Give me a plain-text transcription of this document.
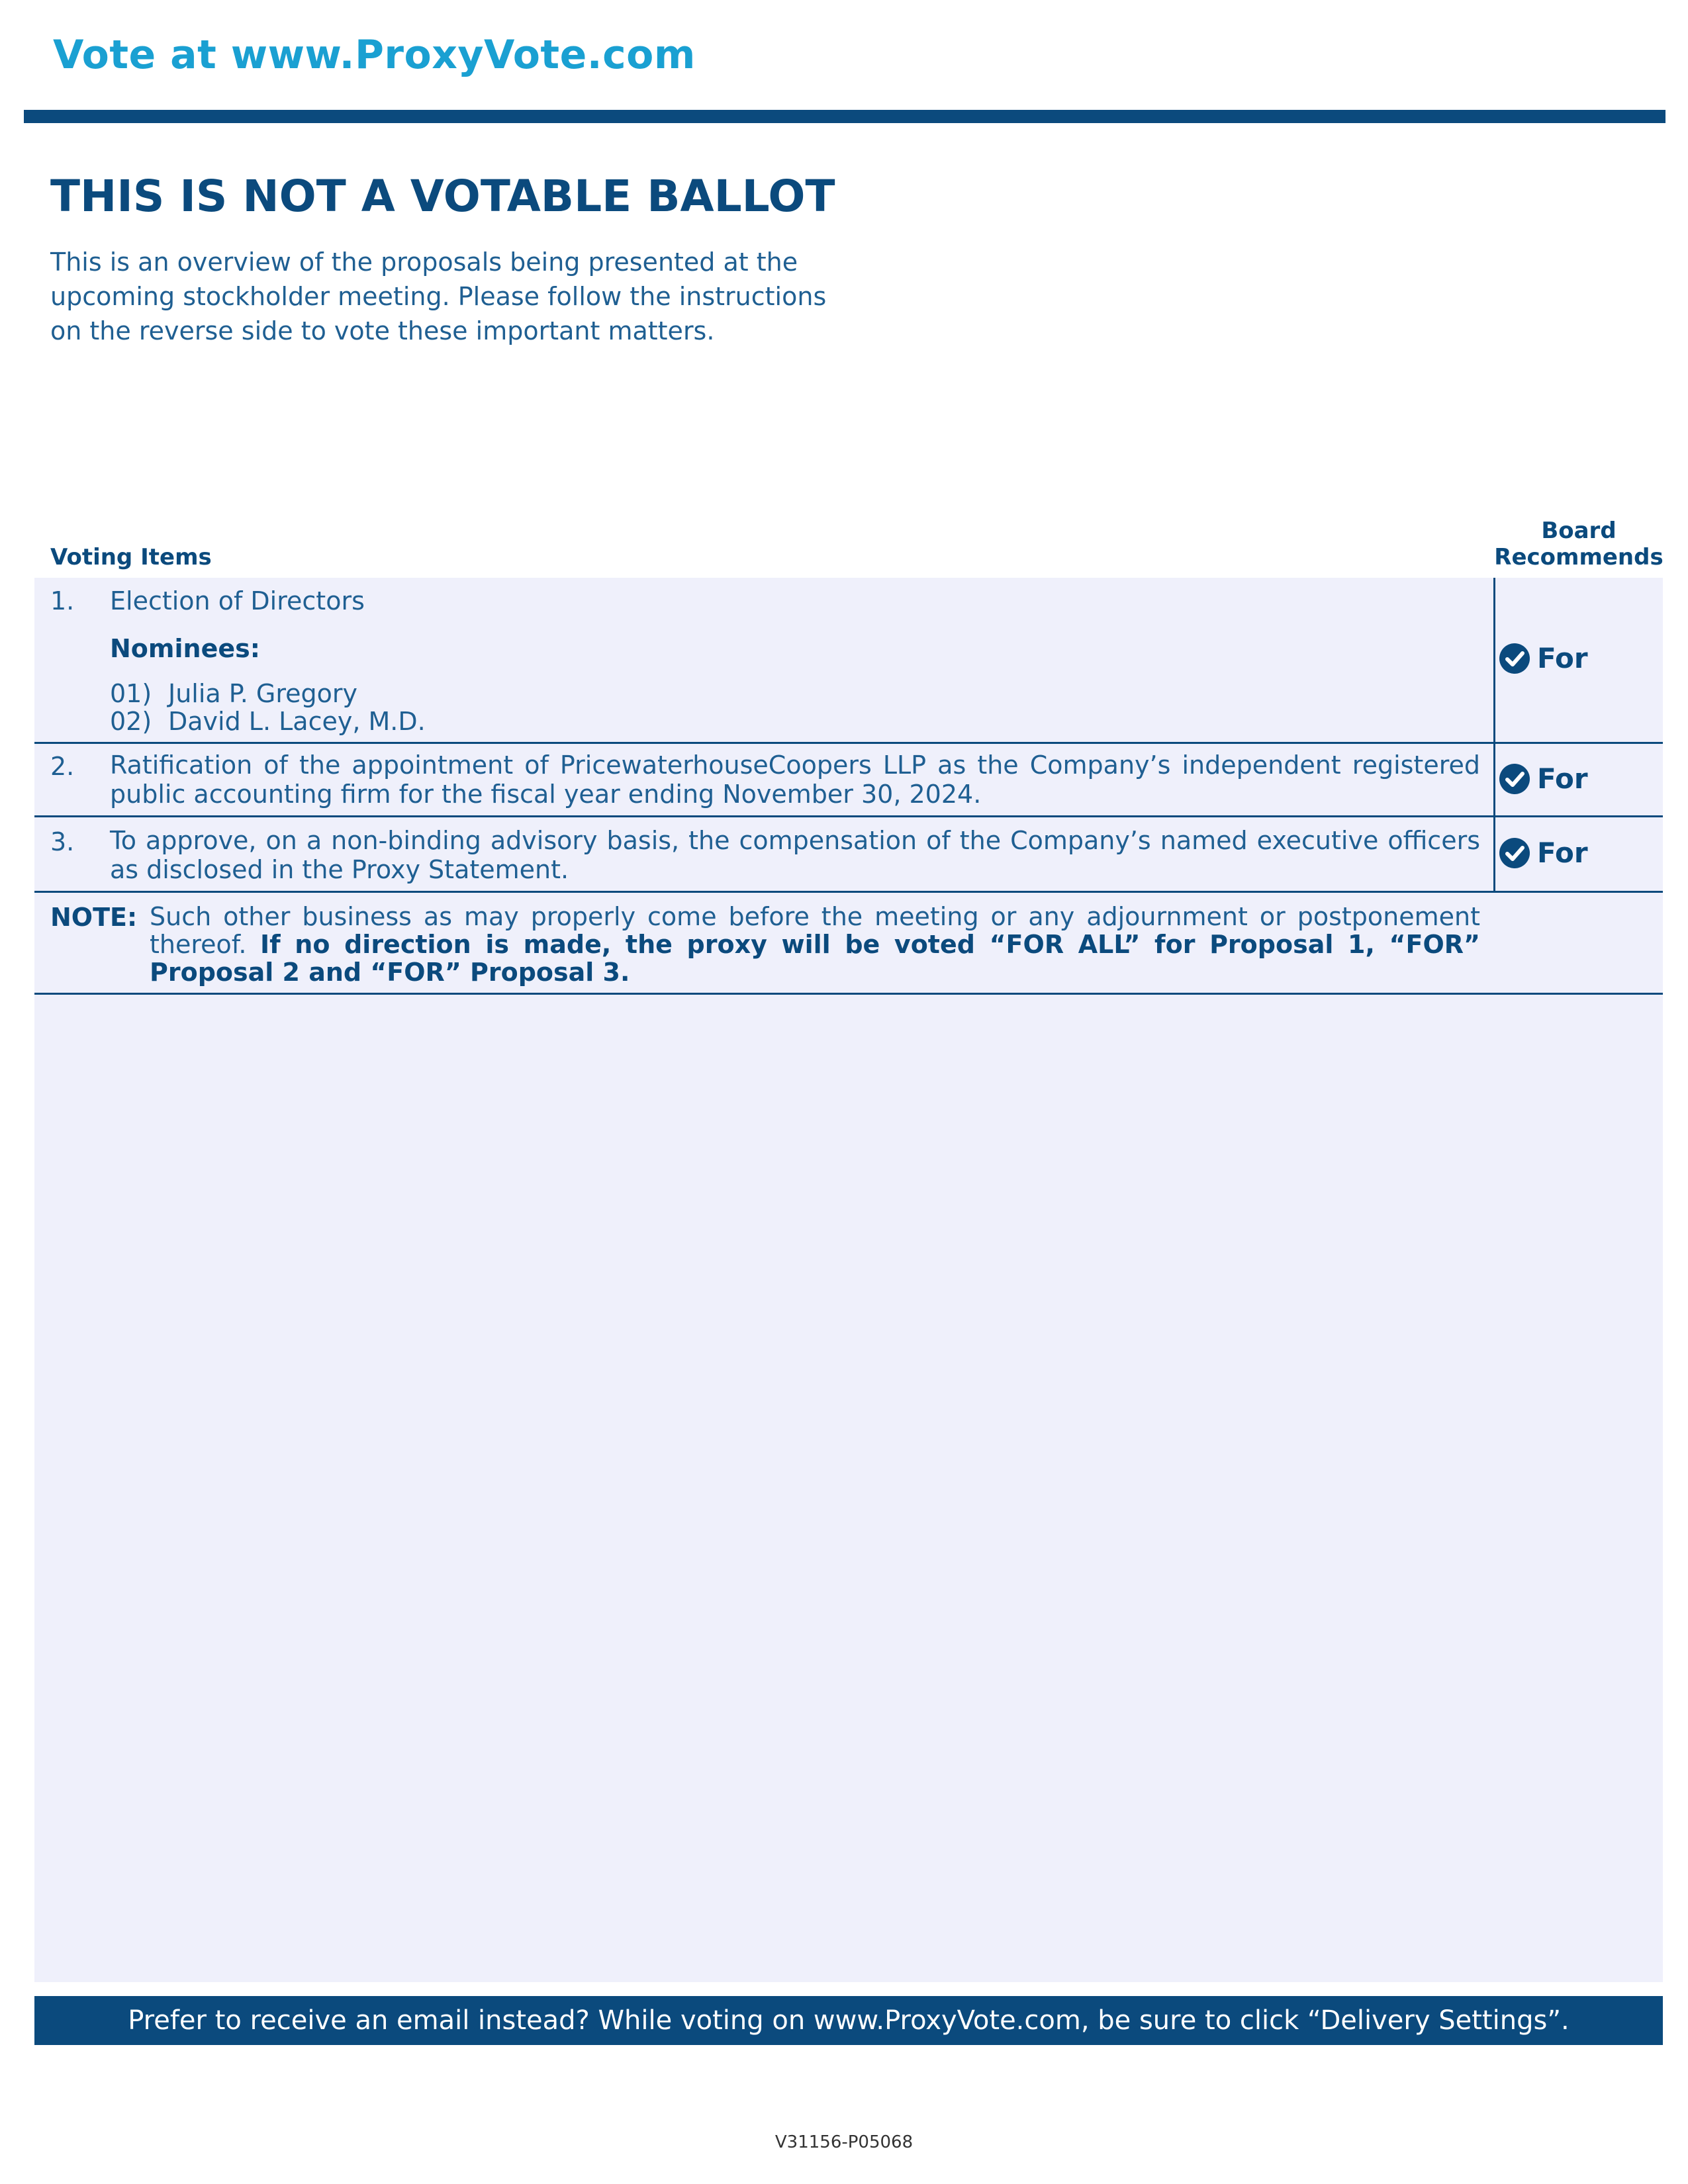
Vote at www.ProxyVote.com
THIS IS NOT A VOTABLE BALLOT
This is an overview of the proposals being presented at the upcoming stockholder meeting. Please follow the instructions on the reverse side to vote these important matters.
Voting Items
Board
Recommends
1. Election of Directors
Nominees:
01) Julia P. Gregory
02) David L. Lacey, M.D.
For
2. Ratification of the appointment of PricewaterhouseCoopers LLP as the Company’s independent registered public accounting firm for the fiscal year ending November 30, 2024.	For
3. To approve, on a non-binding advisory basis, the compensation of the Company’s named executive officers as disclosed in the Proxy Statement.
For
NOTE: Such other business as may properly come before the meeting or any adjournment or postponement thereof. If no direction is made, the proxy will be voted “FOR ALL” for Proposal 1, “FOR” Proposal 2 and “FOR” Proposal 3.
Prefer to receive an email instead? While voting on www.ProxyVote.com, be sure to click “Delivery Settings”.
V31156-P05068
